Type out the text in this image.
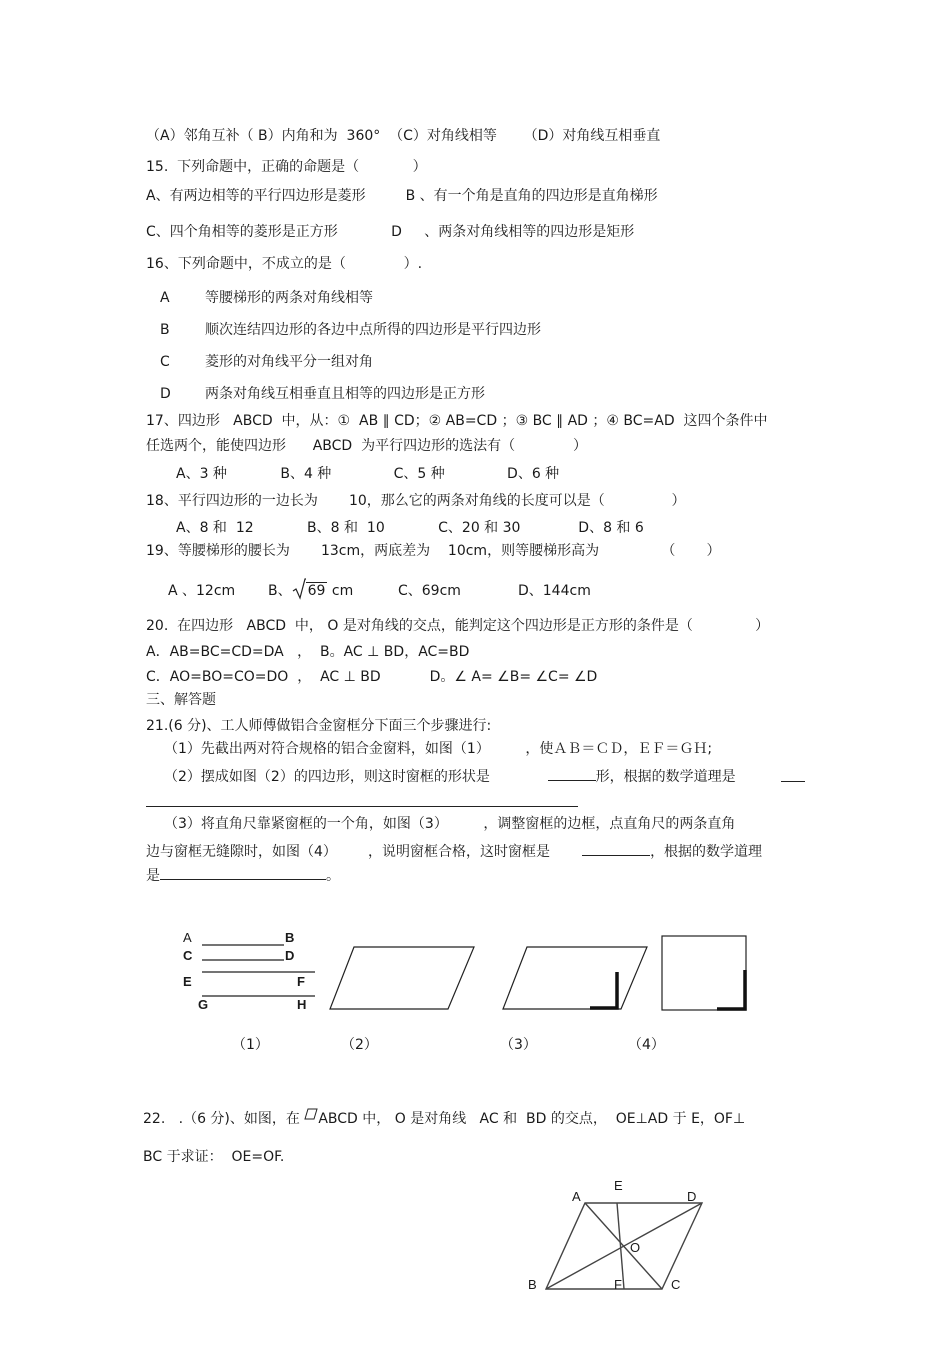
（A）邻角互补（ B）内角和为  360°  （C）对角线相等      （D）对角线互相垂直
15.  下列命题中，正确的命题是（            ）
A、有两边相等的平行四边形是菱形         B 、有一个角是直角的四边形是直角梯形
C、四个角相等的菱形是正方形            D     、两条对角线相等的四边形是矩形
16、下列命题中，不成立的是（             ）.
A	等腰梯形的两条对角线相等
B	顺次连结四边形的各边中点所得的四边形是平行四边形
C	菱形的对角线平分一组对角
D 两条对角线互相垂直且相等的四边形是正方形
17、四边形   ABCD  中，从：①  AB ∥ CD；② AB=CD ；③ BC ∥ AD ；④ BC=AD  这四个条件中
任选两个，能使四边形      ABCD  为平行四边形的选法有（             ）
A、3 种            B、4 种              C、5 种              D、6 种
18、平行四边形的一边长为       10，那么它的两条对角线的长度可以是（               ）
A、8 和  12            B、8 和  10            C、20 和 30             D、8 和 6
19、等腰梯形的腰长为       13cm，两底差为    10cm，则等腰梯形高为              （       ）
A 、12cm B、 69 cm	C、69cm	D、144cm
20.  在四边形   ABCD  中， O 是对角线的交点，能判定这个四边形是正方形的条件是（              ）
A．AB=BC=CD=DA   ，  B。AC ⊥ BD，AC=BD
C．AO=BO=CO=DO  ，  AC ⊥ BD           D。∠ A= ∠B= ∠C= ∠D
三、解答题
21.(6 分)、工人师傅做铝合金窗框分下面三个步骤进行:
（1）先截出两对符合规格的铝合金窗料，如图（1）        ，使ＡＢ＝ＣＤ，ＥＦ＝ＧＨ;
（2）摆成如图（2）的四边形，则这时窗框的形状是	形，根据的数学道理是
（3）将直角尺靠紧窗框的一个角，如图（3）        ，调整窗框的边框，点直角尺的两条直角
边与窗框无缝隙时，如图（4）       ，说明窗框合格，这时窗框是	，根据的数学道理
是	。
A	B
C	D
E	F
G	H
（1）	（2）	（3）	（4）
22.   .（6 分)、如图，在 ABCD 中， O 是对角线   AC 和  BD 的交点，  OE⊥AD 于 E，OF⊥
BC 于求证：  OE=OF.
A
E
D
O
B	F	C
